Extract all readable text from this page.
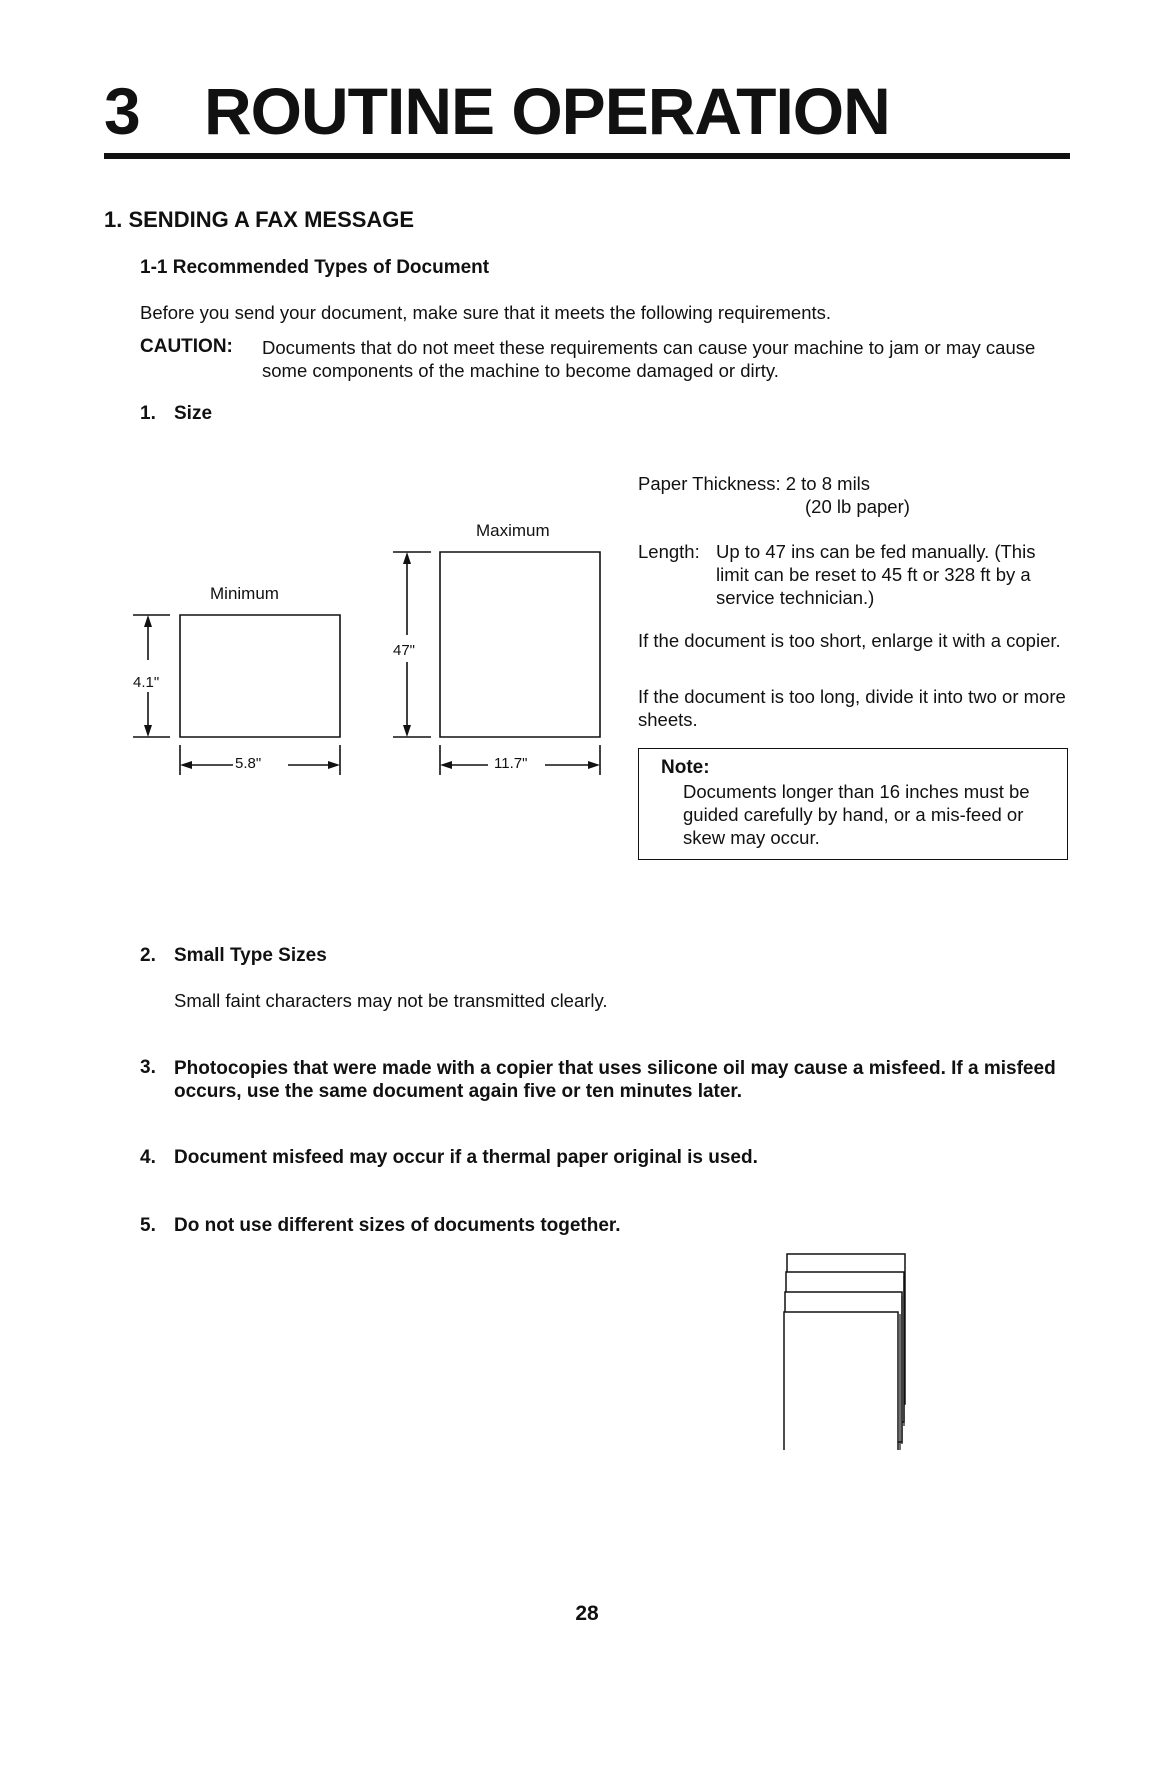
3 ROUTINE OPERATION
1. SENDING A FAX MESSAGE
1-1 Recommended Types of Document
Before you send your document, make sure that it meets the following requirements.
CAUTION: Documents that do not meet these requirements can cause your machine to jam or may cause some components of the machine to become damaged or dirty.
1. Size
Minimum
4.1"
5.8"
Maximum
47"
11.7"
Paper Thickness: 2 to 8 mils
(20 lb paper)
Length: Up to 47 ins can be fed manually. (This limit can be reset to 45 ft or 328 ft by a service technician.)
If the document is too short, enlarge it with a copier.
If the document is too long, divide it into two or more sheets.
Note:
Documents longer than 16 inches must be guided carefully by hand, or a mis-feed or skew may occur.
2. Small Type Sizes
Small faint characters may not be transmitted clearly.
3. Photocopies that were made with a copier that uses silicone oil may cause a misfeed. If a misfeed occurs, use the same document again five or ten minutes later.
4. Document misfeed may occur if a thermal paper original is used.
5. Do not use different sizes of documents together.
28
